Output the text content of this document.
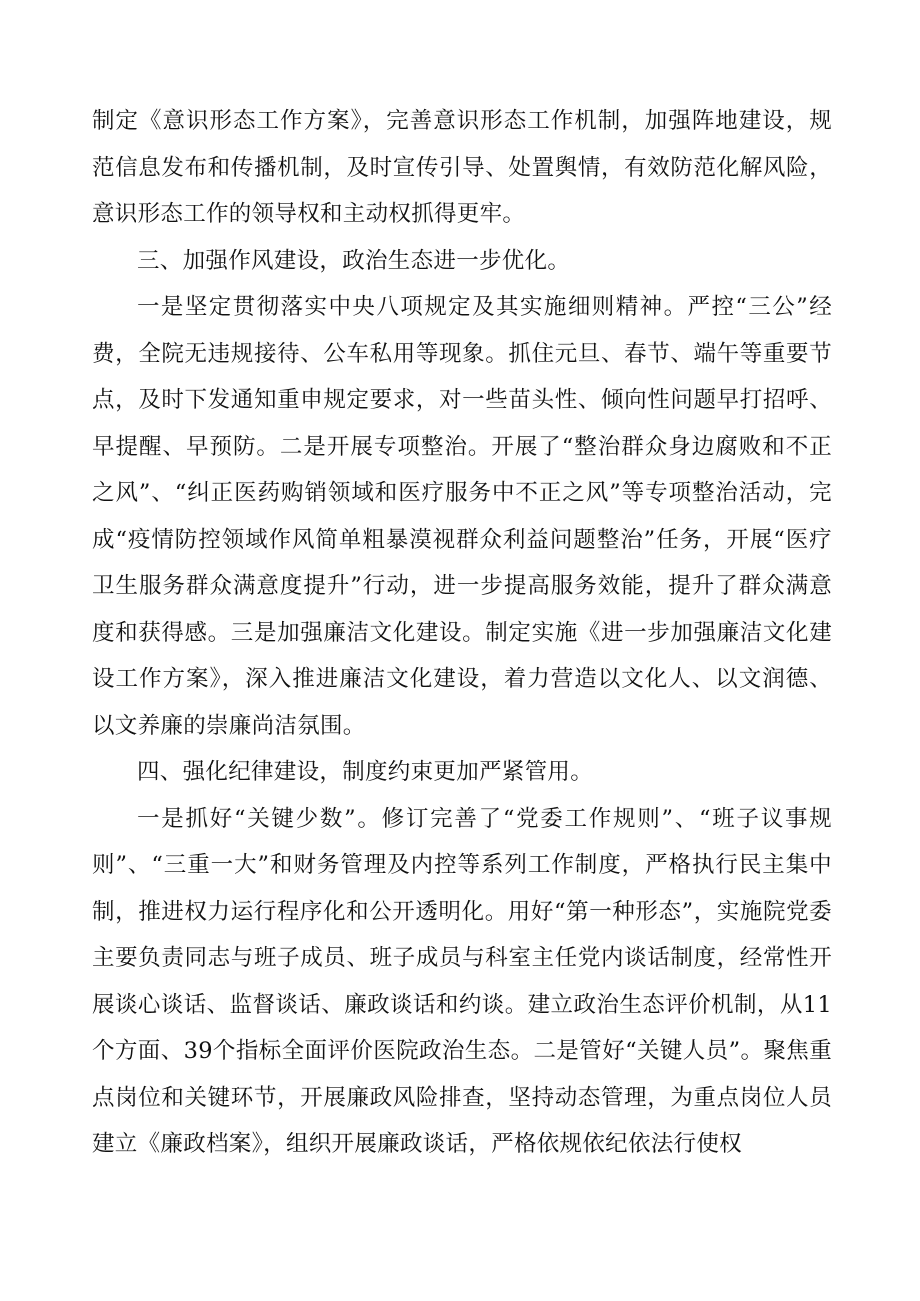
制定《意识形态工作方案》，完善意识形态工作机制，加强阵地建设，规范信息发布和传播机制，及时宣传引导、处置舆情，有效防范化解风险，意识形态工作的领导权和主动权抓得更牢。

三、加强作风建设，政治生态进一步优化。

一是坚定贯彻落实中央八项规定及其实施细则精神。严控“三公”经费，全院无违规接待、公车私用等现象。抓住元旦、春节、端午等重要节点，及时下发通知重申规定要求，对一些苗头性、倾向性问题早打招呼、早提醒、早预防。二是开展专项整治。开展了“整治群众身边腐败和不正之风”、“纠正医药购销领域和医疗服务中不正之风”等专项整治活动，完成“疫情防控领域作风简单粗暴漠视群众利益问题整治”任务，开展“医疗卫生服务群众满意度提升”行动，进一步提高服务效能，提升了群众满意度和获得感。三是加强廉洁文化建设。制定实施《进一步加强廉洁文化建设工作方案》，深入推进廉洁文化建设，着力营造以文化人、以文润德、以文养廉的崇廉尚洁氛围。

四、强化纪律建设，制度约束更加严紧管用。

一是抓好“关键少数”。修订完善了“党委工作规则”、“班子议事规则”、“三重一大”和财务管理及内控等系列工作制度，严格执行民主集中制，推进权力运行程序化和公开透明化。用好“第一种形态”，实施院党委主要负责同志与班子成员、班子成员与科室主任党内谈话制度，经常性开展谈心谈话、监督谈话、廉政谈话和约谈。建立政治生态评价机制，从11个方面、39个指标全面评价医院政治生态。二是管好“关键人员”。聚焦重点岗位和关键环节，开展廉政风险排查，坚持动态管理，为重点岗位人员建立《廉政档案》，组织开展廉政谈话，严格依规依纪依法行使权
